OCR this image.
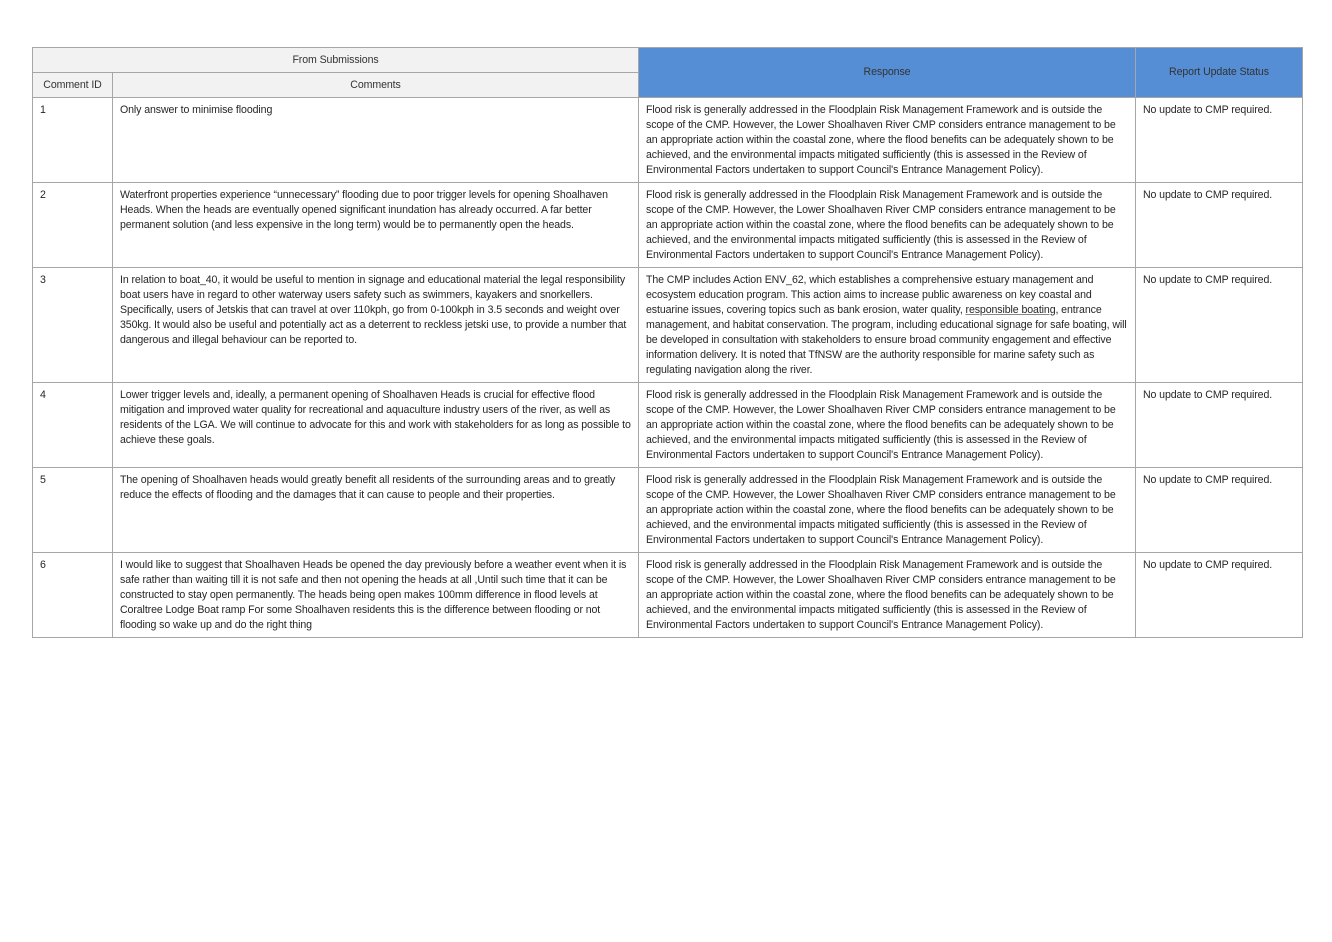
From Submissions		Response	Report Update Status
Comment ID	Comments		
1	Only answer to minimise flooding	Flood risk is generally addressed in the Floodplain Risk Management Framework and is outside the scope of the CMP. However, the Lower Shoalhaven River CMP considers entrance management to be an appropriate action within the coastal zone, where the flood benefits can be adequately shown to be achieved, and the environmental impacts mitigated sufficiently (this is assessed in the Review of Environmental Factors undertaken to support Council's Entrance Management Policy).	No update to CMP required.
2	Waterfront properties experience “unnecessary” flooding due to poor trigger levels for opening Shoalhaven Heads. When the heads are eventually opened significant inundation has already occurred. A far better permanent solution (and less expensive in the long term) would be to permanently open the heads.	Flood risk is generally addressed in the Floodplain Risk Management Framework and is outside the scope of the CMP. However, the Lower Shoalhaven River CMP considers entrance management to be an appropriate action within the coastal zone, where the flood benefits can be adequately shown to be achieved, and the environmental impacts mitigated sufficiently (this is assessed in the Review of Environmental Factors undertaken to support Council's Entrance Management Policy).	No update to CMP required.
3	In relation to boat_40, it would be useful to mention in signage and educational material the legal responsibility boat users have in regard to other waterway users safety such as swimmers, kayakers and snorkellers. Specifically, users of Jetskis that can travel at over 110kph, go from 0-100kph in 3.5 seconds and weight over 350kg. It would also be useful and potentially act as a deterrent to reckless jetski use, to provide a number that dangerous and illegal behaviour can be reported to.	The CMP includes Action ENV_62, which establishes a comprehensive estuary management and ecosystem education program. This action aims to increase public awareness on key coastal and estuarine issues, covering topics such as bank erosion, water quality, responsible boating, entrance management, and habitat conservation. The program, including educational signage for safe boating, will be developed in consultation with stakeholders to ensure broad community engagement and effective information delivery. It is noted that TfNSW are the authority responsible for marine safety such as regulating navigation along the river.	No update to CMP required.
4	Lower trigger levels and, ideally, a permanent opening of Shoalhaven Heads is crucial for effective flood mitigation and improved water quality for recreational and aquaculture industry users of the river, as well as residents of the LGA. We will continue to advocate for this and work with stakeholders for as long as possible to achieve these goals.	Flood risk is generally addressed in the Floodplain Risk Management Framework and is outside the scope of the CMP. However, the Lower Shoalhaven River CMP considers entrance management to be an appropriate action within the coastal zone, where the flood benefits can be adequately shown to be achieved, and the environmental impacts mitigated sufficiently (this is assessed in the Review of Environmental Factors undertaken to support Council's Entrance Management Policy).	No update to CMP required.
5	The opening of Shoalhaven heads would greatly benefit all residents of the surrounding areas and to greatly reduce the effects of flooding and the damages that it can cause to people and their properties.	Flood risk is generally addressed in the Floodplain Risk Management Framework and is outside the scope of the CMP. However, the Lower Shoalhaven River CMP considers entrance management to be an appropriate action within the coastal zone, where the flood benefits can be adequately shown to be achieved, and the environmental impacts mitigated sufficiently (this is assessed in the Review of Environmental Factors undertaken to support Council's Entrance Management Policy).	No update to CMP required.
6	I would like to suggest that Shoalhaven Heads be opened the day previously before a weather event when it is safe rather than waiting till it is not safe and then not opening the heads at all ,Until such time that it can be constructed to stay open permanently. The heads being open makes 100mm difference in flood levels at Coraltree Lodge Boat ramp For some Shoalhaven residents this is the difference between flooding or not flooding so wake up and do the right thing	Flood risk is generally addressed in the Floodplain Risk Management Framework and is outside the scope of the CMP. However, the Lower Shoalhaven River CMP considers entrance management to be an appropriate action within the coastal zone, where the flood benefits can be adequately shown to be achieved, and the environmental impacts mitigated sufficiently (this is assessed in the Review of Environmental Factors undertaken to support Council's Entrance Management Policy).	No update to CMP required.
